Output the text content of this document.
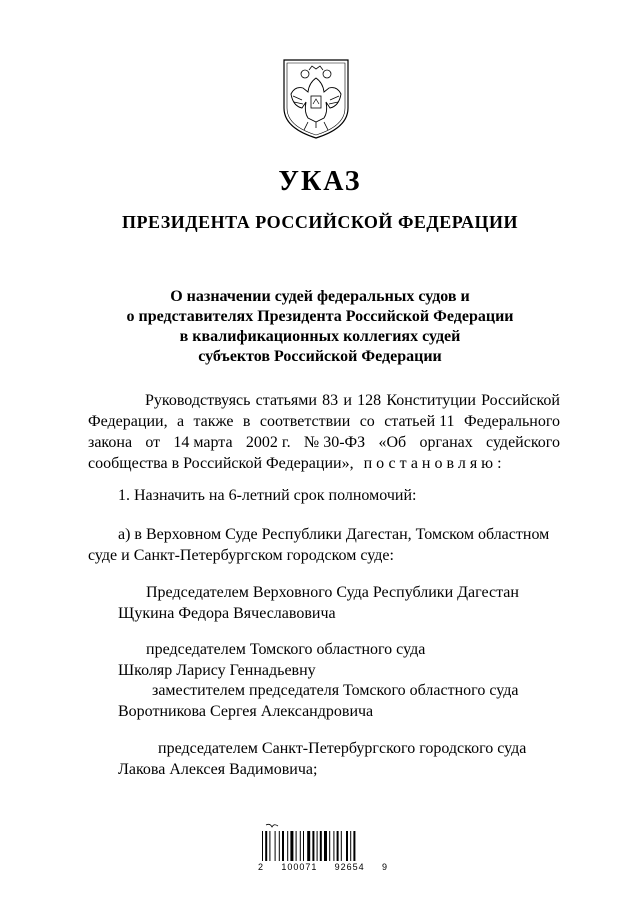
УКАЗ
ПРЕЗИДЕНТА РОССИЙСКОЙ ФЕДЕРАЦИИ
О назначении судей федеральных судов и
о представителях Президента Российской Федерации
в квалификационных коллегиях судей
субъектов Российской Федерации
Руководствуясь статьями 83 и 128 Конституции Российской
Федерации, а также в соответствии со статьей 11 Федерального
закона от 14 марта 2002 г. № 30-ФЗ «Об органах судейского
сообщества в Российской Федерации», постановляю:
1. Назначить на 6-летний срок полномочий:
а) в Верховном Суде Республики Дагестан, Томском областном
суде и Санкт-Петербургском городском суде:
Председателем Верховного Суда Республики Дагестан
Щукина Федора Вячеславовича
председателем Томского областного суда
Школяр Ларису Геннадьевну
заместителем председателя Томского областного суда
Воротникова Сергея Александровича
председателем Санкт-Петербургского городского суда
Лакова Алексея Вадимовича;
2 100071 92654 9
